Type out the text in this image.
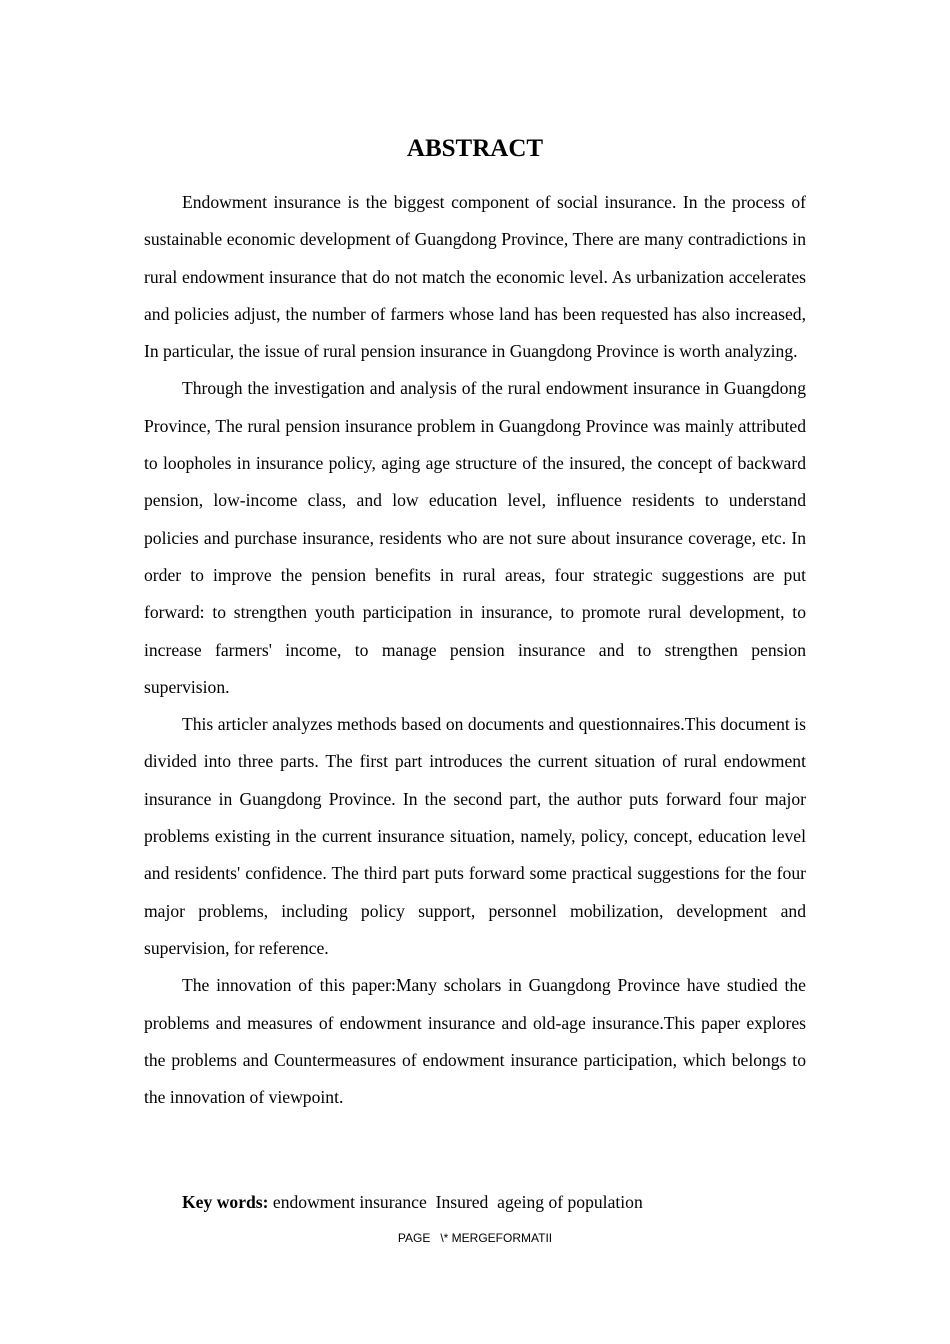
ABSTRACT

Endowment insurance is the biggest component of social insurance. In the process of sustainable economic development of Guangdong Province, There are many contradictions in rural endowment insurance that do not match the economic level. As urbanization accelerates and policies adjust, the number of farmers whose land has been requested has also increased, In particular, the issue of rural pension insurance in Guangdong Province is worth analyzing.

Through the investigation and analysis of the rural endowment insurance in Guangdong Province, The rural pension insurance problem in Guangdong Province was mainly attributed to loopholes in insurance policy, aging age structure of the insured, the concept of backward pension, low-income class, and low education level, influence residents to understand policies and purchase insurance, residents who are not sure about insurance coverage, etc. In order to improve the pension benefits in rural areas, four strategic suggestions are put forward: to strengthen youth participation in insurance, to promote rural development, to increase farmers' income, to manage pension insurance and to strengthen pension supervision.

This articler analyzes methods based on documents and questionnaires.This document is divided into three parts. The first part introduces the current situation of rural endowment insurance in Guangdong Province. In the second part, the author puts forward four major problems existing in the current insurance situation, namely, policy, concept, education level and residents' confidence. The third part puts forward some practical suggestions for the four major problems, including policy support, personnel mobilization, development and supervision, for reference.

The innovation of this paper:Many scholars in Guangdong Province have studied the problems and measures of endowment insurance and old-age insurance.This paper explores the problems and Countermeasures of endowment insurance participation, which belongs to the innovation of viewpoint.

Key words: endowment insurance  Insured  ageing of population
PAGE   \* MERGEFORMATII
